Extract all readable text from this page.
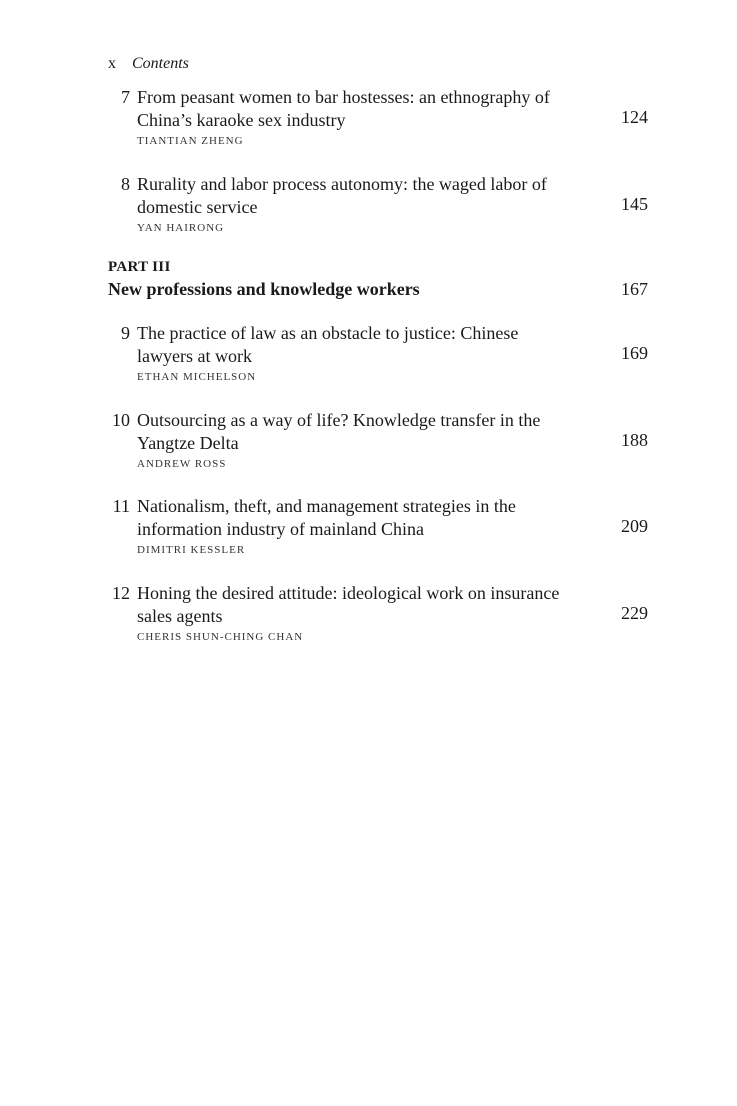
x Contents
7 From peasant women to bar hostesses: an ethnography of China’s karaoke sex industry	124
TIANTIAN ZHENG
8 Rurality and labor process autonomy: the waged labor of domestic service	145
YAN HAIRONG
PART III
New professions and knowledge workers	167
9 The practice of law as an obstacle to justice: Chinese lawyers at work	169
ETHAN MICHELSON
10 Outsourcing as a way of life? Knowledge transfer in the Yangtze Delta	188
ANDREW ROSS
11 Nationalism, theft, and management strategies in the information industry of mainland China	209
DIMITRI KESSLER
12 Honing the desired attitude: ideological work on insurance sales agents	229
CHERIS SHUN-CHING CHAN
